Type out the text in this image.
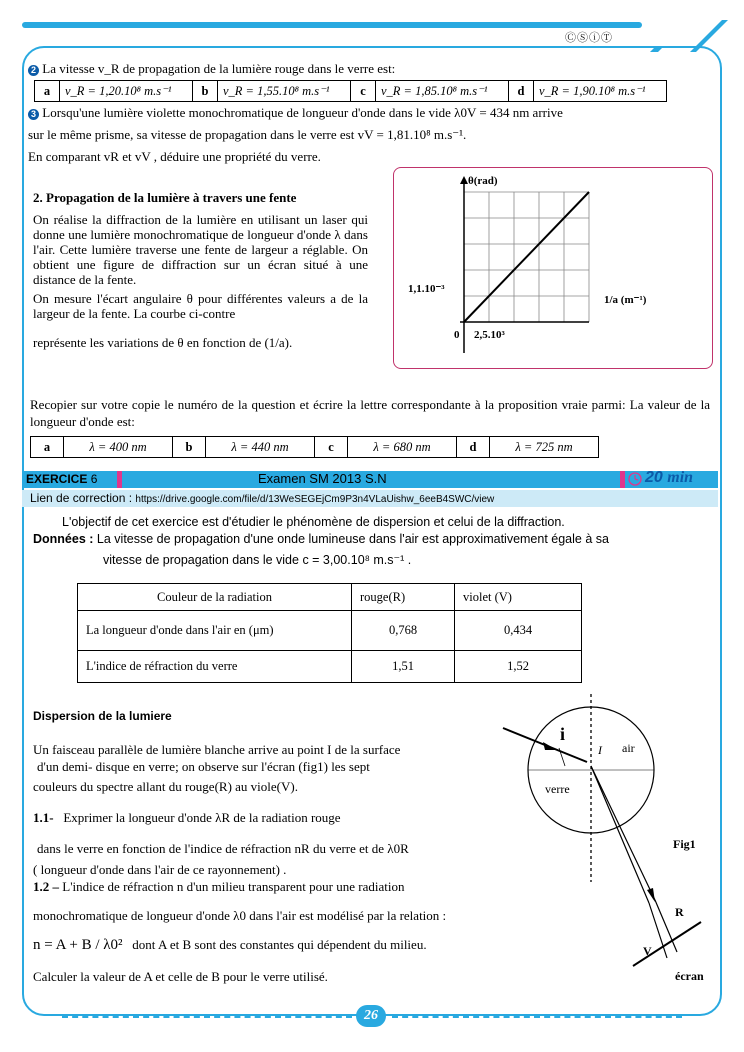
ⒸⓈⓘⓉ
2 La vitesse v_R de propagation de la lumière rouge dans le verre est:
a	v_R = 1,20.10⁸ m.s⁻¹	b	v_R = 1,55.10⁸ m.s⁻¹	c	v_R = 1,85.10⁸ m.s⁻¹	d	v_R = 1,90.10⁸ m.s⁻¹
3 Lorsqu'une lumière violette monochromatique de longueur d'onde dans le vide λ0V = 434 nm arrive
sur le même prisme, sa vitesse de propagation dans le verre est vV = 1,81.10⁸ m.s⁻¹.
En comparant vR et vV , déduire une propriété du verre.
2. Propagation de la lumière à travers une fente
On réalise la diffraction de la lumière en utilisant un laser qui donne une lumière monochromatique de longueur d'onde λ dans l'air. Cette lumière traverse une fente de largeur a réglable. On obtient une figure de diffraction sur un écran situé à une distance de la fente.
On mesure l'écart angulaire θ pour différentes valeurs a de la largeur de la fente. La courbe ci-contre
représente les variations de θ en fonction de (1/a).
θ(rad)
1,1.10⁻³
0 2,5.10³
1/a (m⁻¹)
Recopier sur votre copie le numéro de la question et écrire la lettre correspondante à la proposition vraie parmi: La valeur de la longueur d'onde est:
a	λ = 400 nm	b	λ = 440 nm	c	λ = 680 nm	d	λ = 725 nm
EXERCICE 6	Examen SM 2013 S.N	20 min
Lien de correction : https://drive.google.com/file/d/13WeSEGEjCm9P3n4VLaUishw_6eeB4SWC/view
L'objectif de cet exercice est d'étudier le phénomène de dispersion et celui de la diffraction.
Données : La vitesse de propagation d'une onde lumineuse dans l'air est approximativement égale à sa
vitesse de propagation dans le vide c = 3,00.10⁸ m.s⁻¹ .
Couleur de la radiation	rouge(R)	violet (V)
La longueur d'onde dans l'air en (μm)	0,768	0,434
L'indice de réfraction du verre	1,51	1,52
Dispersion de la lumiere
Un faisceau parallèle de lumière blanche arrive au point I de la surface
d'un demi- disque en verre; on observe sur l'écran (fig1) les sept
couleurs du spectre allant du rouge(R) au viole(V).
1.1- Exprimer la longueur d'onde λR de la radiation rouge
dans le verre en fonction de l'indice de réfraction nR du verre et de λ0R
( longueur d'onde dans l'air de ce rayonnement) .
1.2 – L'indice de réfraction n d'un milieu transparent pour une radiation
monochromatique de longueur d'onde λ0 dans l'air est modélisé par la relation :
n = A + B / λ0² dont A et B sont des constantes qui dépendent du milieu.
Calculer la valeur de A et celle de B pour le verre utilisé.
i
I air
verre
Fig1
R
V
écran
26
